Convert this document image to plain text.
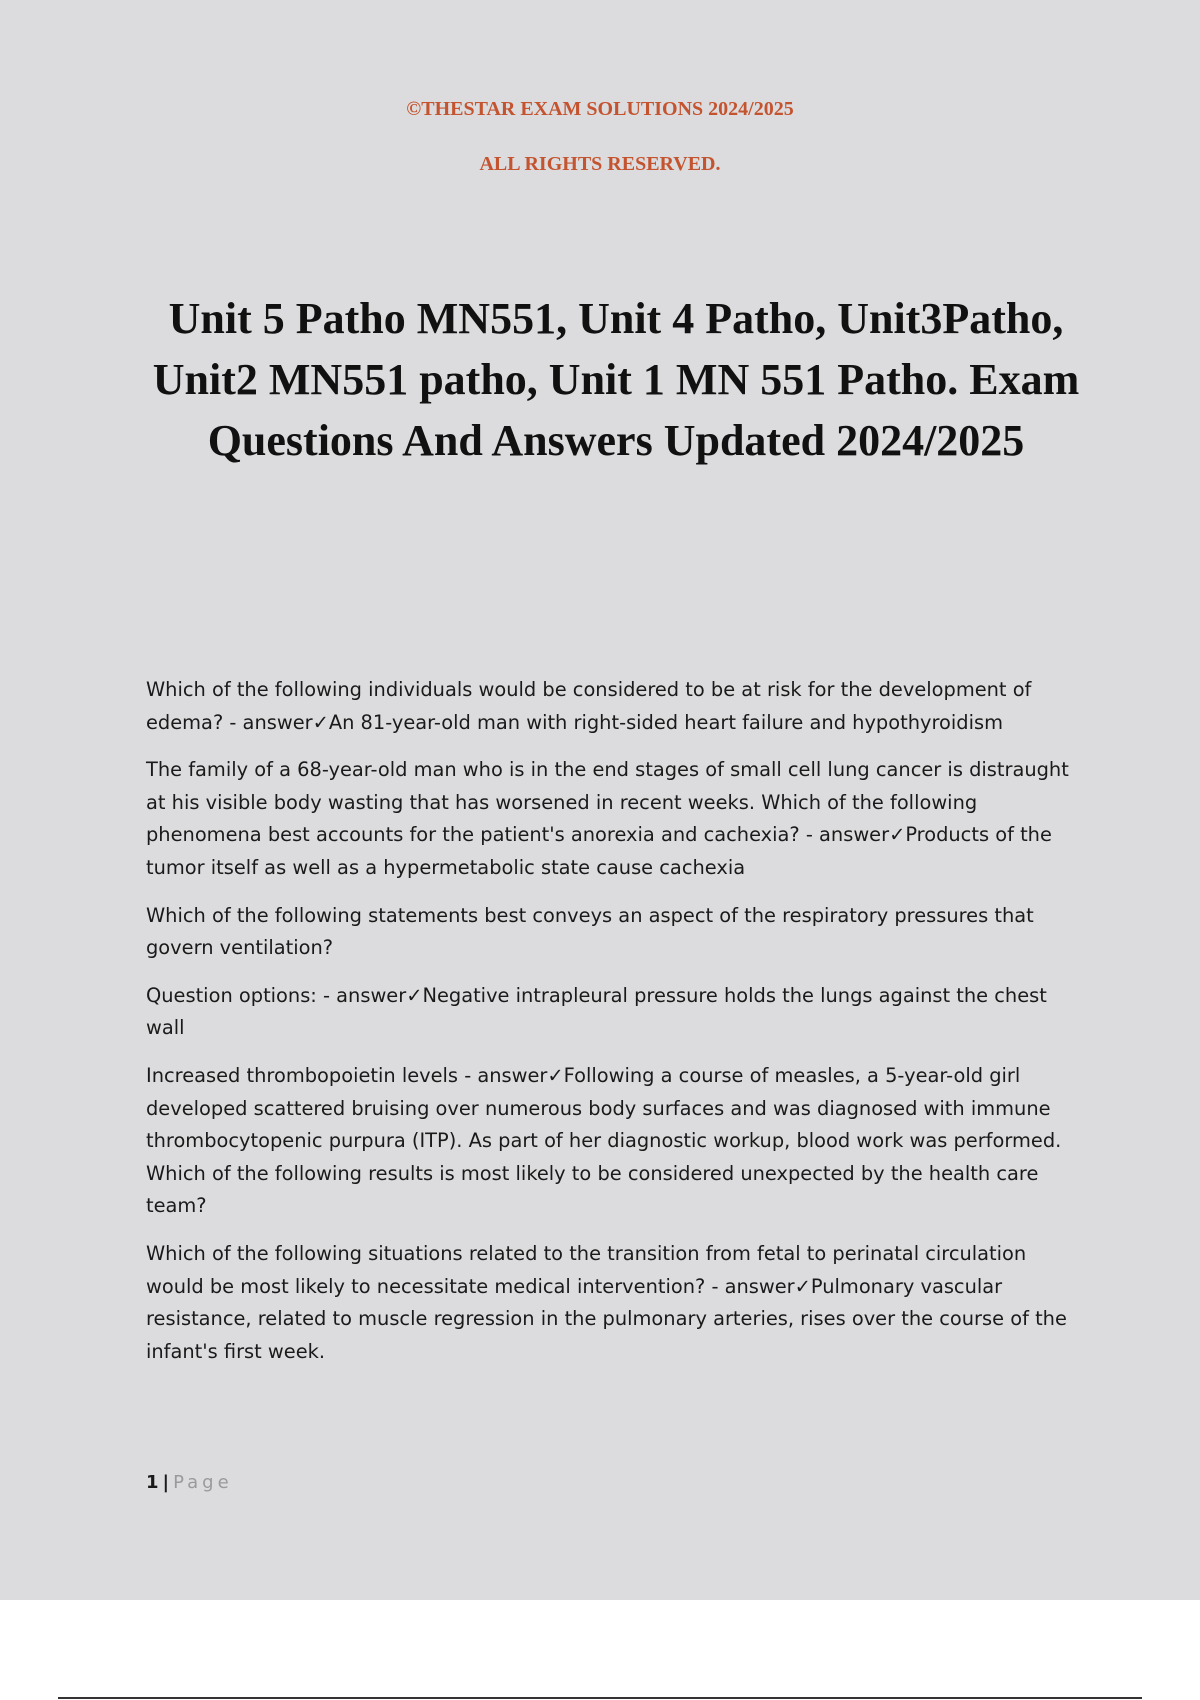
©THESTAR EXAM SOLUTIONS 2024/2025

ALL RIGHTS RESERVED.

Unit 5 Patho MN551, Unit 4 Patho, Unit3Patho, Unit2 MN551 patho, Unit 1 MN 551 Patho. Exam Questions And Answers Updated 2024/2025

Which of the following individuals would be considered to be at risk for the development of edema? - answer✓An 81-year-old man with right-sided heart failure and hypothyroidism

The family of a 68-year-old man who is in the end stages of small cell lung cancer is distraught at his visible body wasting that has worsened in recent weeks. Which of the following phenomena best accounts for the patient's anorexia and cachexia? - answer✓Products of the tumor itself as well as a hypermetabolic state cause cachexia

Which of the following statements best conveys an aspect of the respiratory pressures that govern ventilation?

Question options: - answer✓Negative intrapleural pressure holds the lungs against the chest wall

Increased thrombopoietin levels - answer✓Following a course of measles, a 5-year-old girl developed scattered bruising over numerous body surfaces and was diagnosed with immune thrombocytopenic purpura (ITP). As part of her diagnostic workup, blood work was performed. Which of the following results is most likely to be considered unexpected by the health care team?

Which of the following situations related to the transition from fetal to perinatal circulation would be most likely to necessitate medical intervention? - answer✓Pulmonary vascular resistance, related to muscle regression in the pulmonary arteries, rises over the course of the infant's first week.

1 | Page
